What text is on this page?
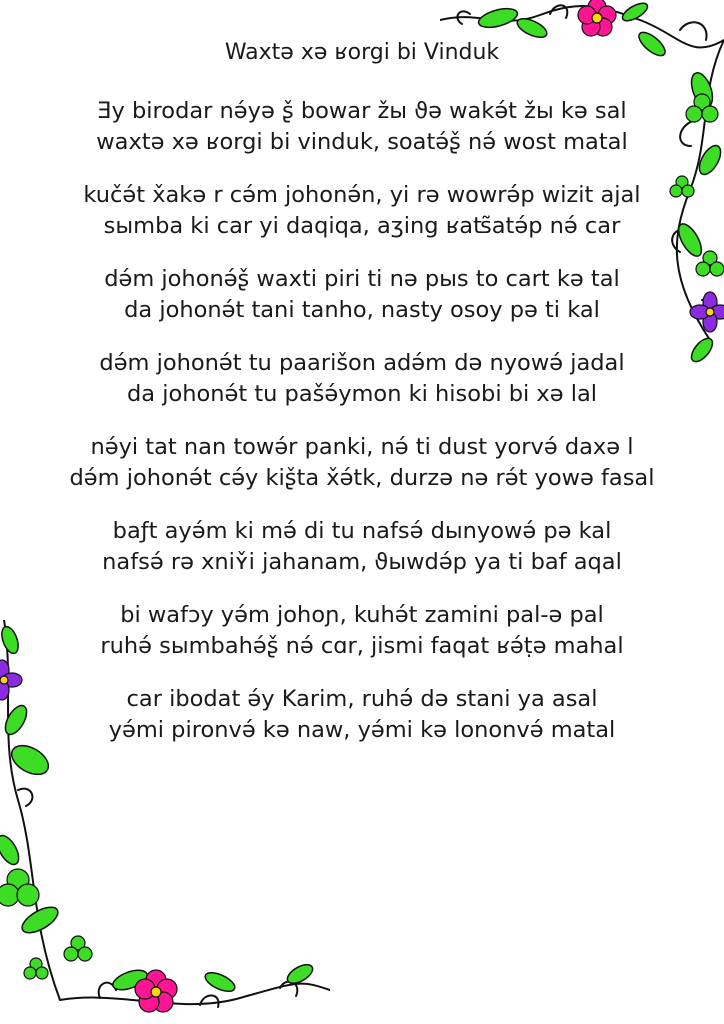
Waxtə xə ʁorgi bi Vinduk
Ǝy birodar nə́yə ʂ̌ bowar žы ϑə wakə́t žы kə sal
waxtə xə ʁorgi bi vinduk, soatə́ʂ̌ nə́ wost matal
kučə́t x̌akə r cə́m johonə́n, yi rə wowrə́p wizit ajal
sыmba ki car yi daqiqa, aʒing ʁaʦ̃atə́p nə́ car
də́m johonə́ʂ̌ waxti piri ti nə рыs to cart kə tal
da johonə́t tani tanho, nasty osoy pə ti kal
də́m johonə́t tu paarišon adə́m də nyowə́ jadal
da johonə́t tu pašə́ymon ki hisobi bi xə lal
nə́yi tat nan towə́r panki, nə́ ti dust yorvə́ daxə l
də́m johonə́t cə́y kiʂ̌ta x̌ə́tk, durzə nə rə́t yowə fasal
baƒt ayə́m ki mə́ di tu nafsə́ dыnyowə́ pə kal
nafsə́ rə xniʏ̌i jahanam, ϑыwdə́p ya ti baf aqal
bi wafɔy yə́m johoɲ, kuhə́t zamini pal-ə pal
ruhə́ sыmbahə́ʂ̌ nə́ cɑr, jismi faqat ʁə́ṭə mahal
car ibodat ə́y Karim, ruhə́ də stani ya asal
yə́mi pironvə́ kə naw, yə́mi kə lononvə́ matal
